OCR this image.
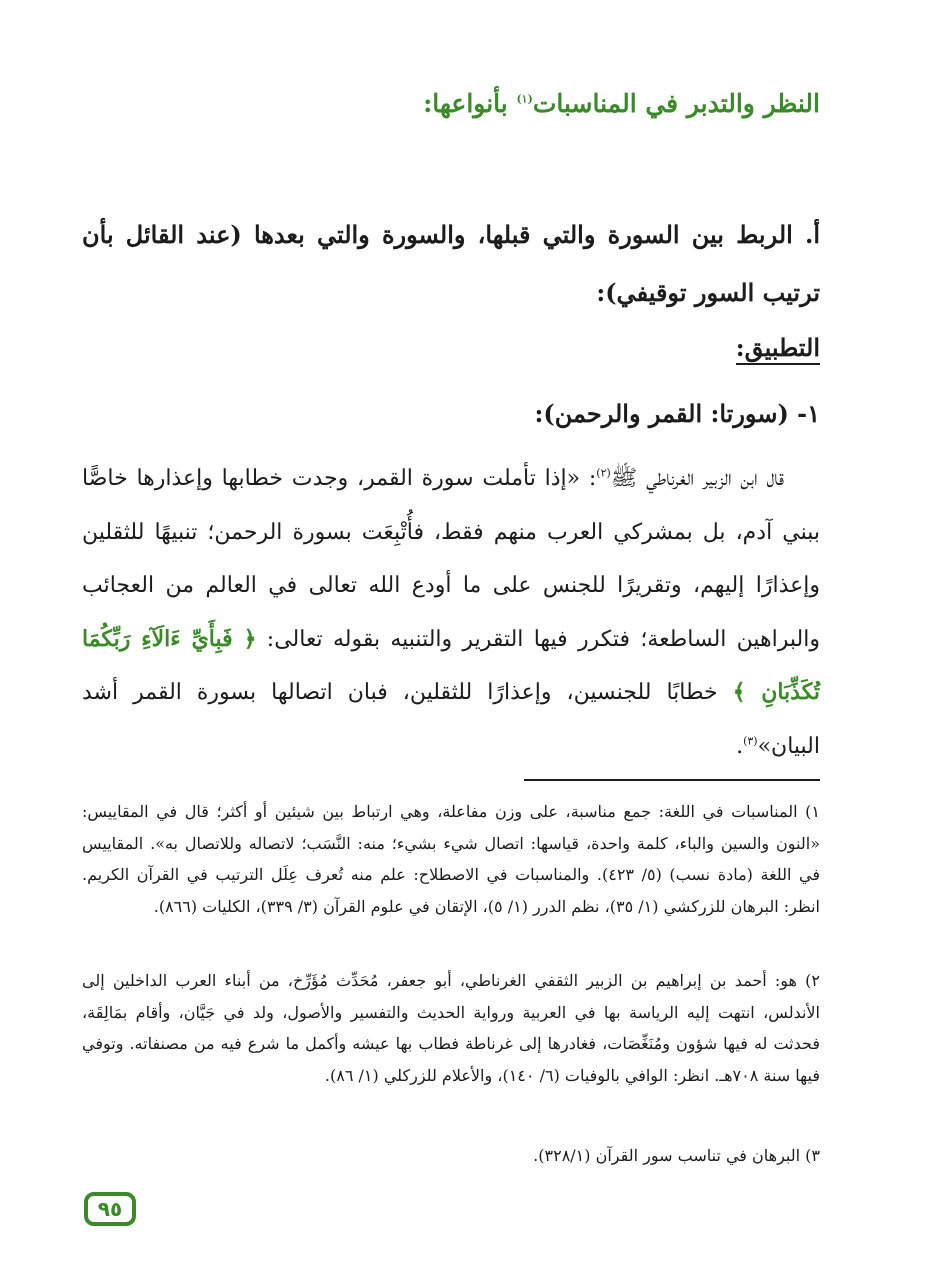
النظر والتدبر في المناسبات$^{(١)}$ بأنواعها:
أ. الربط بين السورة والتي قبلها، والسورة والتي بعدها (عند القائل بأن ترتيب السور توقيفي):
التطبيق:
١- (سورتا: القمر والرحمن):
قال ابن الزبير الغرناطي ﷺ$^{(٢)}$: «إذا تأملت سورة القمر، وجدت خطابها وإعذارها خاصًّا ببني آدم، بل بمشركي العرب منهم فقط، فأُتْبِعَت بسورة الرحمن؛ تنبيهًا للثقلين وإعذارًا إليهم، وتقريرًا للجنس على ما أودع الله تعالى في العالم من العجائب والبراهين الساطعة؛ فتكرر فيها التقرير والتنبيه بقوله تعالى: ﴿ فَبِأَيِّ ءَالَآءِ رَبِّكُمَا تُكَذِّبَانِ ﴾ خطابًا للجنسين، وإعذارًا للثقلين، فبان اتصالها بسورة القمر أشد البيان»$^{(٣)}$.
١) المناسبات في اللغة: جمع مناسبة، على وزن مفاعلة، وهي ارتباط بين شيئين أو أكثر؛ قال في المقاييس: «النون والسين والباء، كلمة واحدة، قياسها: اتصال شيء بشيء؛ منه: النَّسَب؛ لاتصاله وللاتصال به». المقاييس في اللغة (مادة نسب) (٥/ ٤٢٣). والمناسبات في الاصطلاح: علم منه تُعرف عِلَل الترتيب في القرآن الكريم. انظر: البرهان للزركشي (١/ ٣٥)، نظم الدرر (١/ ٥)، الإتقان في علوم القرآن (٣/ ٣٣٩)، الكليات (٨٦٦).
٢) هو: أحمد بن إبراهيم بن الزبير الثقفي الغرناطي، أبو جعفر، مُحَدِّث مُؤَرِّخ، من أبناء العرب الداخلين إلى الأندلس، انتهت إليه الرياسة بها في العربية ورواية الحديث والتفسير والأصول، ولد في جَيَّان، وأقام بمَالِقَة، فحدثت له فيها شؤون ومُنَغِّصَات، فغادرها إلى غرناطة فطاب بها عيشه وأكمل ما شرع فيه من مصنفاته. وتوفي فيها سنة ٧٠٨هـ. انظر: الوافي بالوفيات (٦/ ١٤٠)، والأعلام للزركلي (١/ ٨٦).
٣) البرهان في تناسب سور القرآن (٣٢٨/١).
٩٥
